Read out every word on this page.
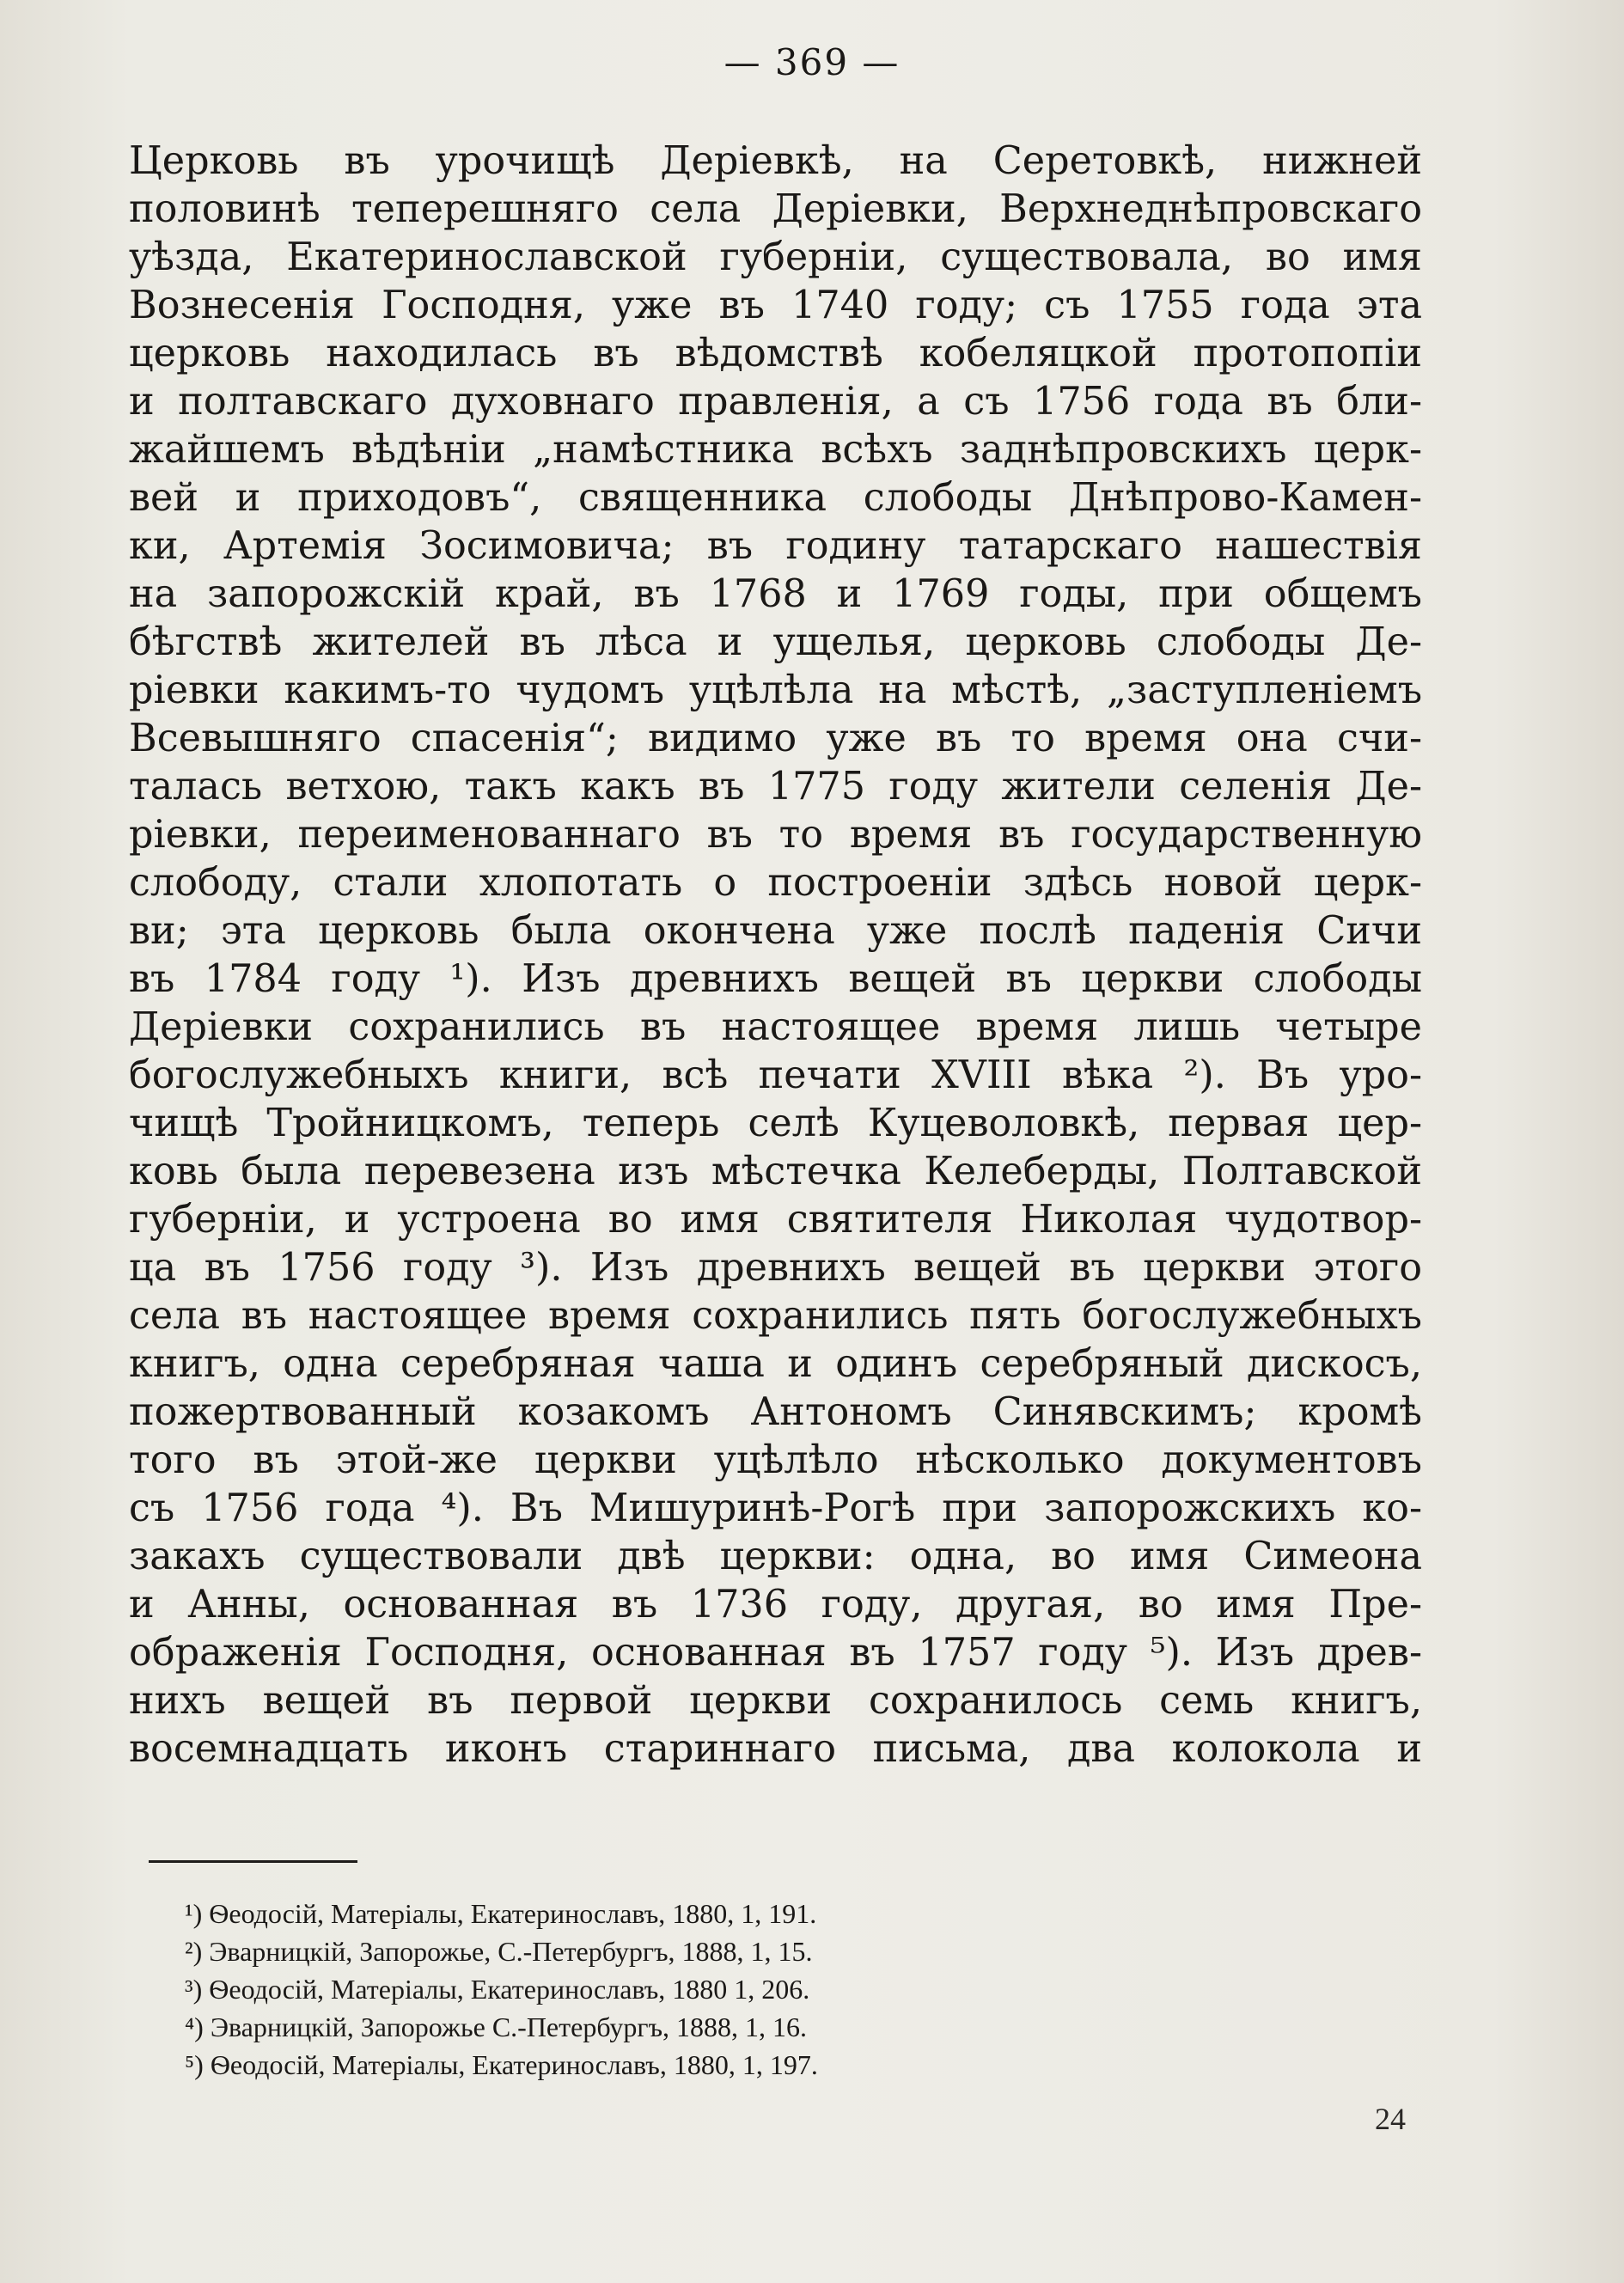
— 369 —
Церковь въ урочищѣ Деріевкѣ, на Серетовкѣ, нижней
половинѣ теперешняго села Деріевки, Верхнеднѣпровскаго
уѣзда, Екатеринославской губерніи, существовала, во имя
Вознесенія Господня, уже въ 1740 году; съ 1755 года эта
церковь находилась въ вѣдомствѣ кобеляцкой протопопіи
и полтавскаго духовнаго правленія, а съ 1756 года въ бли-
жайшемъ вѣдѣніи „намѣстника всѣхъ заднѣпровскихъ церк-
вей и приходовъ“, священника слободы Днѣпрово-Камен-
ки, Артемія Зосимовича; въ годину татарскаго нашествія
на запорожскій край, въ 1768 и 1769 годы, при общемъ
бѣгствѣ жителей въ лѣса и ущелья, церковь слободы Де-
ріевки какимъ-то чудомъ уцѣлѣла на мѣстѣ, „заступленіемъ
Всевышняго спасенія“; видимо уже въ то время она счи-
талась ветхою, такъ какъ въ 1775 году жители селенія Де-
ріевки, переименованнаго въ то время въ государственную
слободу, стали хлопотать о построеніи здѣсь новой церк-
ви; эта церковь была окончена уже послѣ паденія Сичи
въ 1784 году ¹). Изъ древнихъ вещей въ церкви слободы
Деріевки сохранились въ настоящее время лишь четыре
богослужебныхъ книги, всѣ печати XVIII вѣка ²). Въ уро-
чищѣ Тройницкомъ, теперь селѣ Куцеволовкѣ, первая цер-
ковь была перевезена изъ мѣстечка Келеберды, Полтавской
губерніи, и устроена во имя святителя Николая чудотвор-
ца въ 1756 году ³). Изъ древнихъ вещей въ церкви этого
села въ настоящее время сохранились пять богослужебныхъ
книгъ, одна серебряная чаша и одинъ серебряный дискосъ,
пожертвованный козакомъ Антономъ Синявскимъ; кромѣ
того въ этой-же церкви уцѣлѣло нѣсколько документовъ
съ 1756 года ⁴). Въ Мишуринѣ-Рогѣ при запорожскихъ ко-
закахъ существовали двѣ церкви: одна, во имя Симеона
и Анны, основанная въ 1736 году, другая, во имя Пре-
ображенія Господня, основанная въ 1757 году ⁵). Изъ древ-
нихъ вещей въ первой церкви сохранилось семь книгъ,
восемнадцать иконъ стариннаго письма, два колокола и
¹) Ѳеодосій, Матеріалы, Екатеринославъ, 1880, 1, 191.
²) Эварницкій, Запорожье, С.-Петербургъ, 1888, 1, 15.
³) Ѳеодосій, Матеріалы, Екатеринославъ, 1880 1, 206.
⁴) Эварницкій, Запорожье С.-Петербургъ, 1888, 1, 16.
⁵) Ѳеодосій, Матеріалы, Екатеринославъ, 1880, 1, 197.
24
